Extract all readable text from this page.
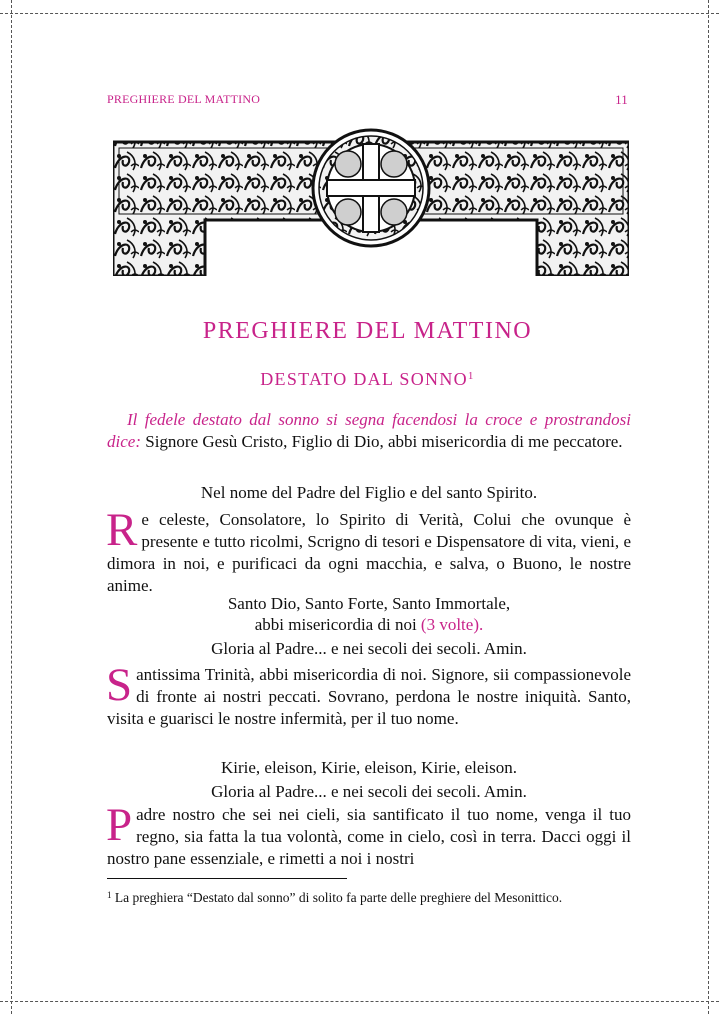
PREGHIERE DEL MATTINO	11
PREGHIERE DEL MATTINO
DESTATO DAL SONNO$^1$
Il fedele destato dal sonno si segna facendosi la croce e prostrandosi dice: Signore Gesù Cristo, Figlio di Dio, abbi misericordia di me peccatore.
Nel nome del Padre del Figlio e del santo Spirito.
Re celeste, Consolatore, lo Spirito di Verità, Colui che ovunque è presente e tutto ricolmi, Scrigno di tesori e Dispensatore di vita, vieni, e dimora in noi, e purificaci da ogni macchia, e salva, o Buono, le nostre anime.
Santo Dio, Santo Forte, Santo Immortale,
abbi misericordia di noi (3 volte).
Gloria al Padre... e nei secoli dei secoli. Amin.
Santissima Trinità, abbi misericordia di noi. Signore, sii compassionevole di fronte ai nostri peccati. Sovrano, perdona le nostre iniquità. Santo, visita e guarisci le nostre infermità, per il tuo nome.
Kirie, eleison, Kirie, eleison, Kirie, eleison.
Gloria al Padre... e nei secoli dei secoli. Amin.
Padre nostro che sei nei cieli, sia santificato il tuo nome, venga il tuo regno, sia fatta la tua volontà, come in cielo, così in terra. Dacci oggi il nostro pane essenziale, e rimetti a noi i nostri
$^1$ La preghiera “Destato dal sonno” di solito fa parte delle preghiere del Mesonittico.
